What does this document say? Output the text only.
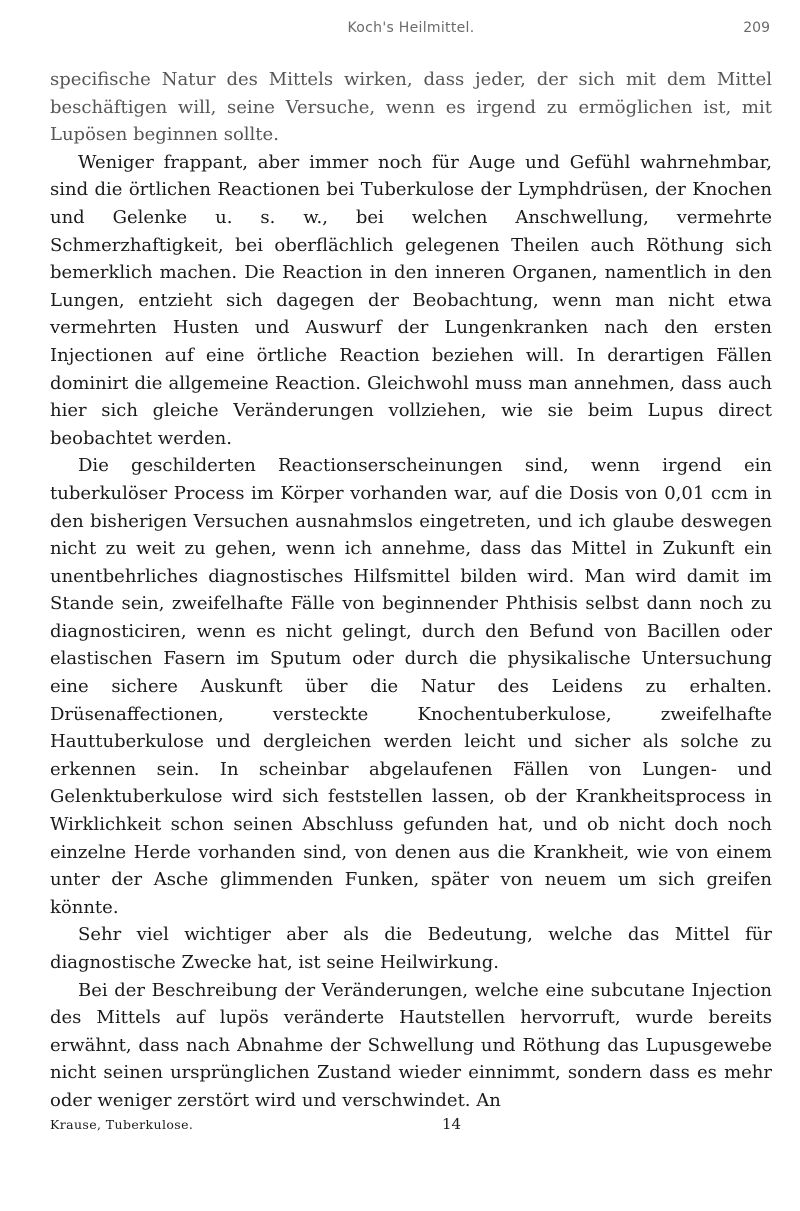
Koch's Heilmittel.	209

specifische Natur des Mittels wirken, dass jeder, der sich mit dem Mittel beschäftigen will, seine Versuche, wenn es irgend zu ermöglichen ist, mit Lupösen beginnen sollte.

Weniger frappant, aber immer noch für Auge und Gefühl wahrnehmbar, sind die örtlichen Reactionen bei Tuberkulose der Lymphdrüsen, der Knochen und Gelenke u. s. w., bei welchen Anschwellung, vermehrte Schmerzhaftigkeit, bei oberflächlich gelegenen Theilen auch Röthung sich bemerklich machen. Die Reaction in den inneren Organen, namentlich in den Lungen, entzieht sich dagegen der Beobachtung, wenn man nicht etwa vermehrten Husten und Auswurf der Lungenkranken nach den ersten Injectionen auf eine örtliche Reaction beziehen will. In derartigen Fällen dominirt die allgemeine Reaction. Gleichwohl muss man annehmen, dass auch hier sich gleiche Veränderungen vollziehen, wie sie beim Lupus direct beobachtet werden.

Die geschilderten Reactionserscheinungen sind, wenn irgend ein tuberkulöser Process im Körper vorhanden war, auf die Dosis von 0,01 ccm in den bisherigen Versuchen ausnahmslos eingetreten, und ich glaube deswegen nicht zu weit zu gehen, wenn ich annehme, dass das Mittel in Zukunft ein unentbehrliches diagnostisches Hilfsmittel bilden wird. Man wird damit im Stande sein, zweifelhafte Fälle von beginnender Phthisis selbst dann noch zu diagnosticiren, wenn es nicht gelingt, durch den Befund von Bacillen oder elastischen Fasern im Sputum oder durch die physikalische Untersuchung eine sichere Auskunft über die Natur des Leidens zu erhalten. Drüsenaffectionen, versteckte Knochentuberkulose, zweifelhafte Hauttuberkulose und dergleichen werden leicht und sicher als solche zu erkennen sein. In scheinbar abgelaufenen Fällen von Lungen- und Gelenktuberkulose wird sich feststellen lassen, ob der Krankheitsprocess in Wirklichkeit schon seinen Abschluss gefunden hat, und ob nicht doch noch einzelne Herde vorhanden sind, von denen aus die Krankheit, wie von einem unter der Asche glimmenden Funken, später von neuem um sich greifen könnte.

Sehr viel wichtiger aber als die Bedeutung, welche das Mittel für diagnostische Zwecke hat, ist seine Heilwirkung.

Bei der Beschreibung der Veränderungen, welche eine subcutane Injection des Mittels auf lupös veränderte Hautstellen hervorruft, wurde bereits erwähnt, dass nach Abnahme der Schwellung und Röthung das Lupusgewebe nicht seinen ursprünglichen Zustand wieder einnimmt, sondern dass es mehr oder weniger zerstört wird und verschwindet. An

Krause, Tuberkulose.	14
